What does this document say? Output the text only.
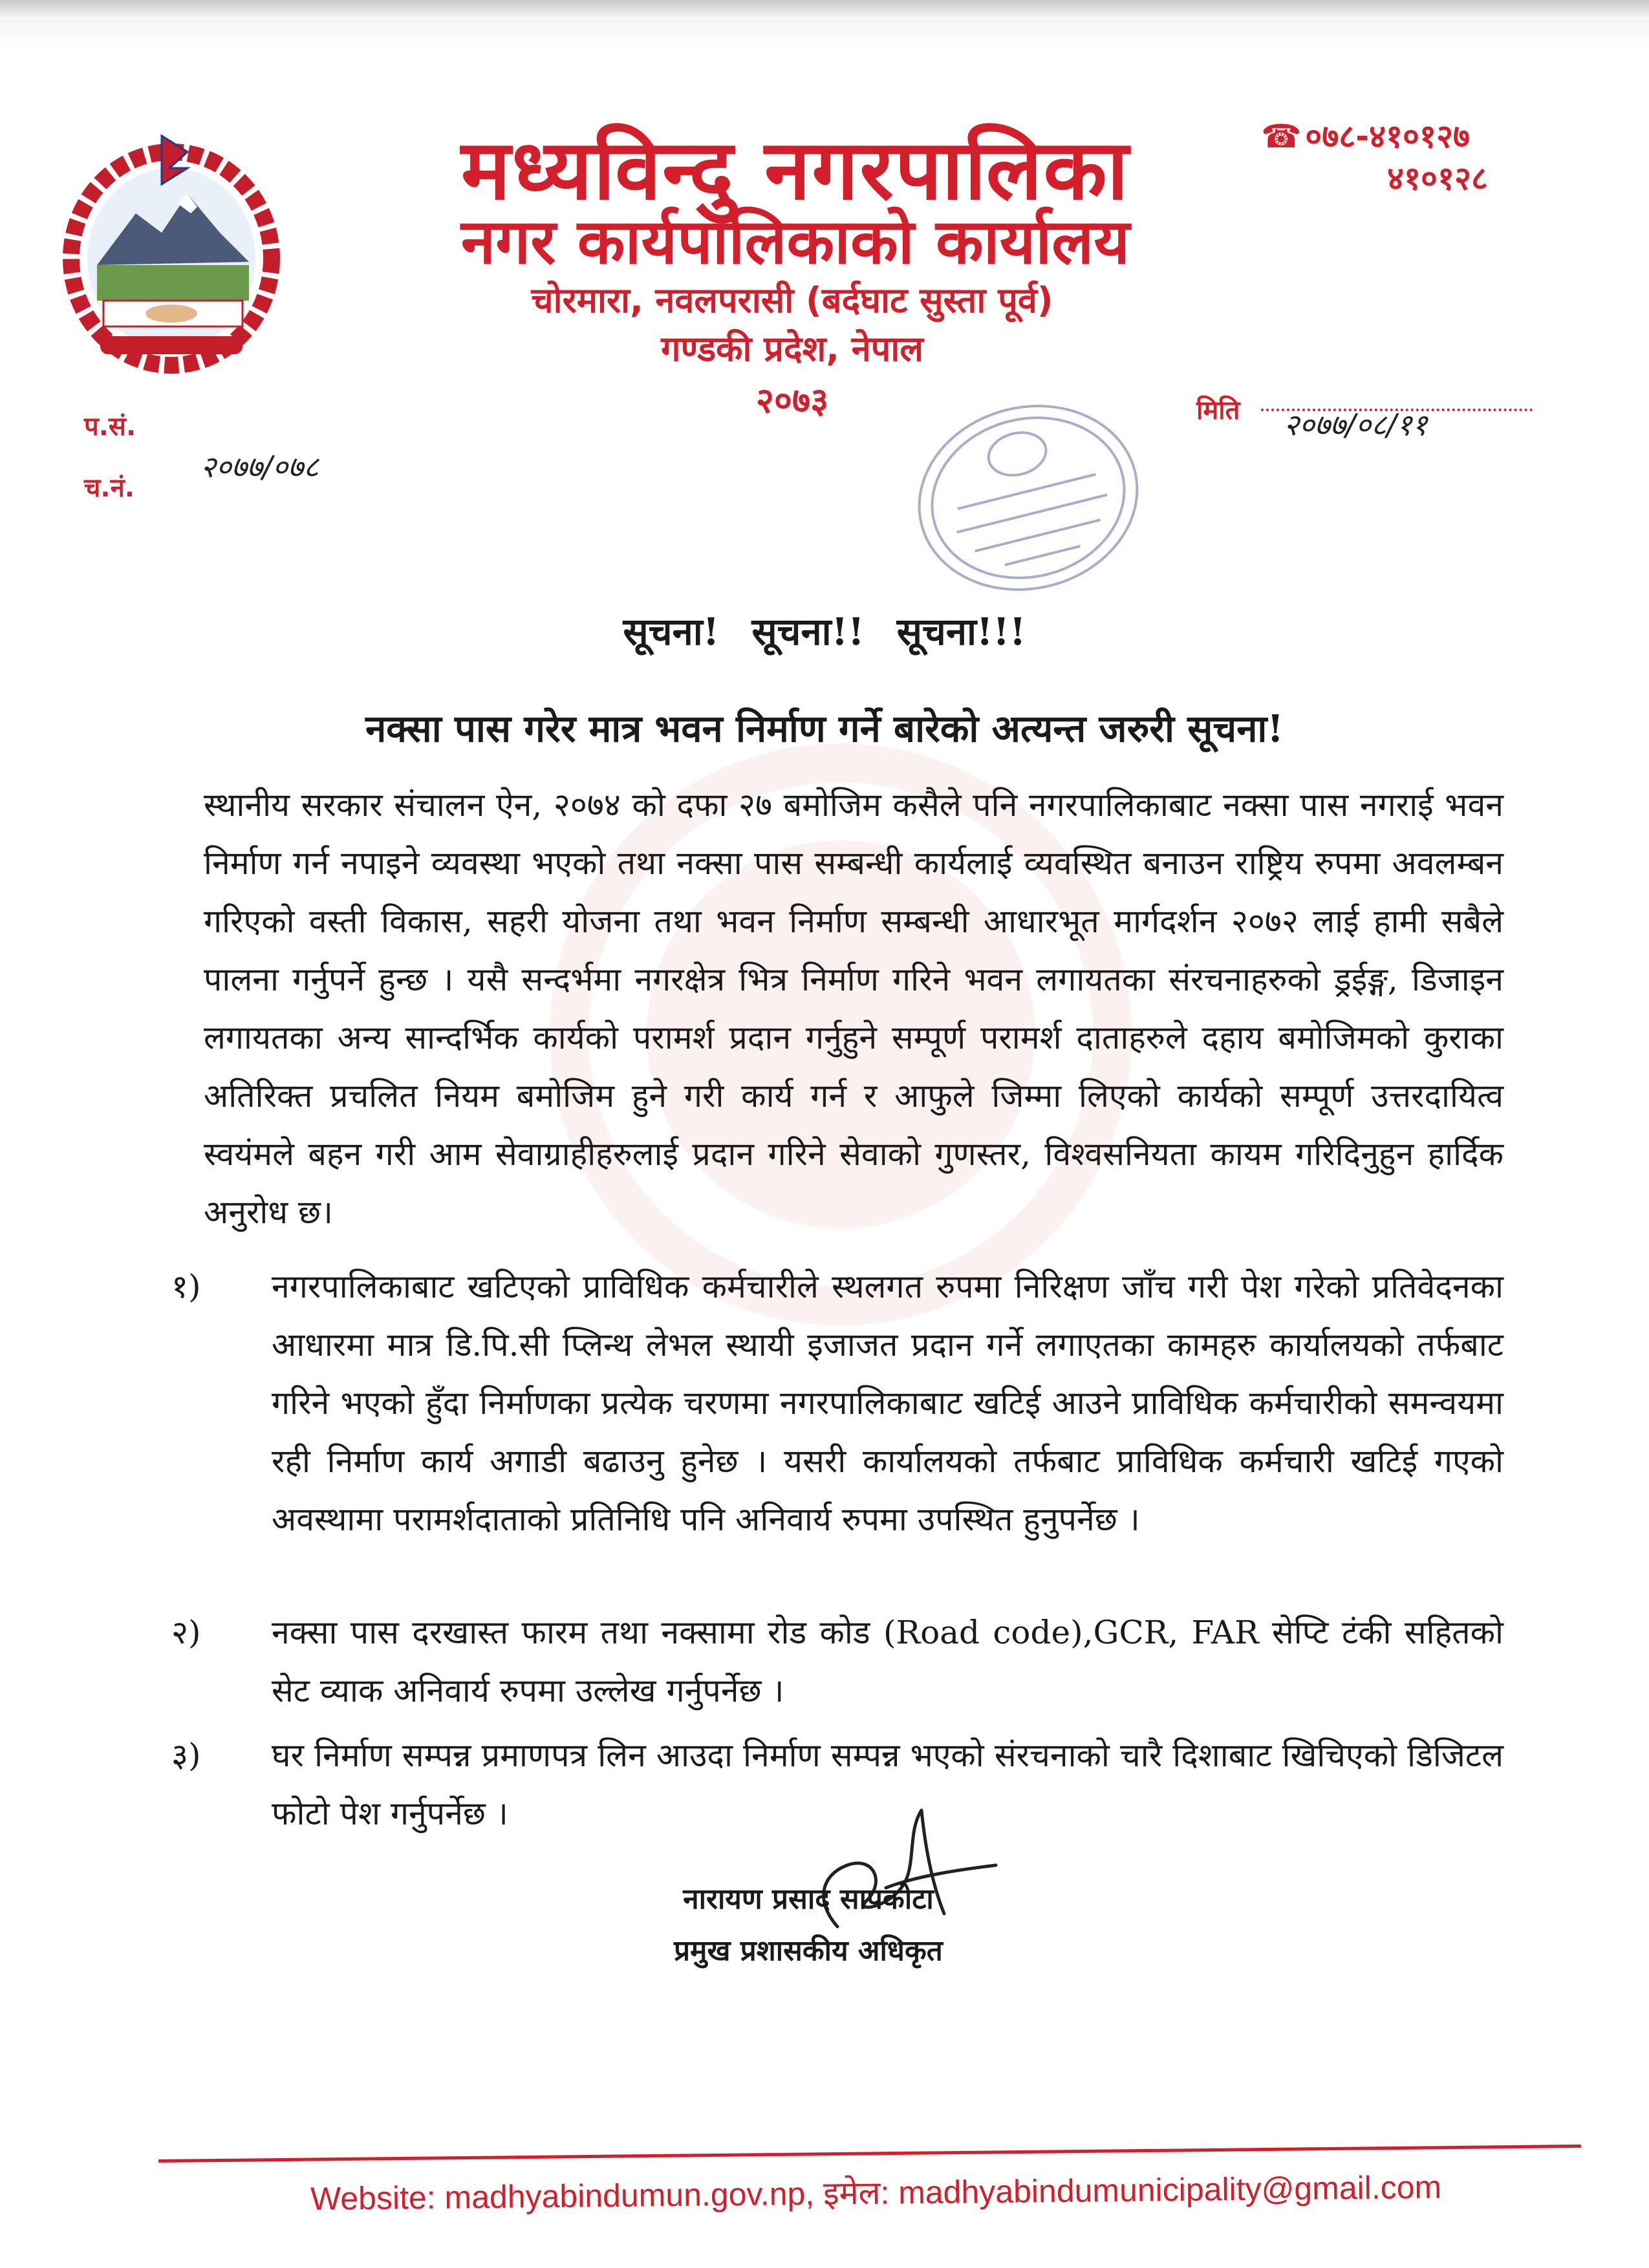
मध्यविन्दु नगरपालिका
नगर कार्यपालिकाको कार्यालय
चोरमारा, नवलपरासी (बर्दघाट सुस्ता पूर्व)
गण्डकी प्रदेश, नेपाल
२०७३
☎ ०७८-४१०१२७
४१०१२८
प.सं.
च.नं.
२०७७/०७८
मिति २०७७/०८/११
सूचना! सूचना!! सूचना!!!
नक्सा पास गरेर मात्र भवन निर्माण गर्ने बारेको अत्यन्त जरुरी सूचना!
स्थानीय सरकार संचालन ऐन, २०७४ को दफा २७ बमोजिम कसैले पनि नगरपालिकाबाट नक्सा पास नगराई भवन निर्माण गर्न नपाइने व्यवस्था भएको तथा नक्सा पास सम्बन्धी कार्यलाई व्यवस्थित बनाउन राष्ट्रिय रुपमा अवलम्बन गरिएको वस्ती विकास, सहरी योजना तथा भवन निर्माण सम्बन्धी आधारभूत मार्गदर्शन २०७२ लाई हामी सबैले पालना गर्नुपर्ने हुन्छ । यसै सन्दर्भमा नगरक्षेत्र भित्र निर्माण गरिने भवन लगायतका संरचनाहरुको ड्रईङ्ग, डिजाइन लगायतका अन्य सान्दर्भिक कार्यको परामर्श प्रदान गर्नुहुने सम्पूर्ण परामर्श दाताहरुले दहाय बमोजिमको कुराका अतिरिक्त प्रचलित नियम बमोजिम हुने गरी कार्य गर्न र आफुले जिम्मा लिएको कार्यको सम्पूर्ण उत्तरदायित्व स्वयंमले बहन गरी आम सेवाग्राहीहरुलाई प्रदान गरिने सेवाको गुणस्तर, विश्वसनियता कायम गरिदिनुहुन हार्दिक अनुरोध छ।
१) नगरपालिकाबाट खटिएको प्राविधिक कर्मचारीले स्थलगत रुपमा निरिक्षण जाँच गरी पेश गरेको प्रतिवेदनका आधारमा मात्र डि.पि.सी प्लिन्थ लेभल स्थायी इजाजत प्रदान गर्ने लगाएतका कामहरु कार्यालयको तर्फबाट गरिने भएको हुँदा निर्माणका प्रत्येक चरणमा नगरपालिकाबाट खटिई आउने प्राविधिक कर्मचारीको समन्वयमा रही निर्माण कार्य अगाडी बढाउनु हुनेछ । यसरी कार्यालयको तर्फबाट प्राविधिक कर्मचारी खटिई गएको अवस्थामा परामर्शदाताको प्रतिनिधि पनि अनिवार्य रुपमा उपस्थित हुनुपर्नेछ ।
२) नक्सा पास दरखास्त फारम तथा नक्सामा रोड कोड (Road code),GCR, FAR सेप्टि टंकी सहितको सेट व्याक अनिवार्य रुपमा उल्लेख गर्नुपर्नेछ ।
३) घर निर्माण सम्पन्न प्रमाणपत्र लिन आउदा निर्माण सम्पन्न भएको संरचनाको चारै दिशाबाट खिचिएको डिजिटल फोटो पेश गर्नुपर्नेछ ।
नारायण प्रसाद सापकोटा
प्रमुख प्रशासकीय अधिकृत
Website: madhyabindumun.gov.np, इमेल: madhyabindumunicipality@gmail.com
